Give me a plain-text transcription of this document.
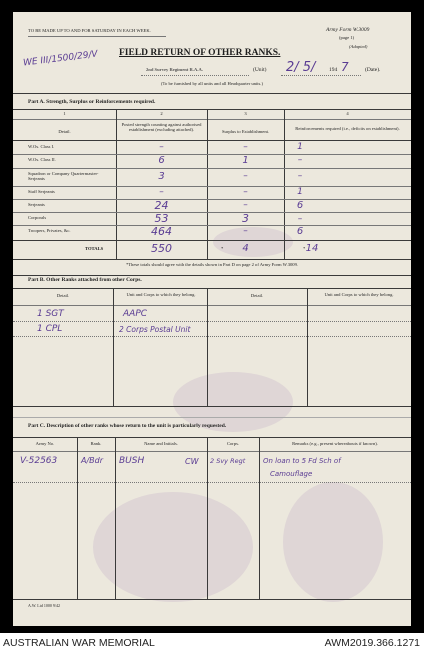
TO BE MADE UP TO AND FOR SATURDAY IN EACH WEEK.	Army Form W.3009
(page 1)
(Adapted)
FIELD RETURN OF OTHER RANKS.
WE III/1500/29/V
2nd Survey Regiment R.A.A.	(Unit) 2/ 5/ 194 7	(Date).
(To be furnished by all units and all Headquarter units.)
Part A. Strength, Surplus or Reinforcements required.
1	2	3	4
Detail.
Posted strength counting against authorised establishment (excluding attached).	Surplus to Establishment.
Reinforcements required (i.e., deficits on establishment).
W.Os. Class I.	–	–	1
W.Os. Class II.	6	1	–
Squadron or Company Quartermaster-Serjeants	3	–	–
Staff Serjeants	–	–	1
Serjeants	24	–	6
Corporals	53	3	–
Troopers, Privates, &c.	464	–	6
TOTALS	550	*	4	* 14
*These totals should agree with the details shown in Part D on page 2 of Army Form W.3009.
Part B. Other Ranks attached from other Corps.
Detail.	Unit and Corps to which they belong.	Detail.	Unit and Corps to which they belong.
1 SGT	AAPC
1 CPL	2 Corps Postal Unit
Part C. Description of other ranks whose return to the unit is particularly requested.
Army No.	Rank.	Name and Initials.	Corps.	Remarks (e.g., present whereabouts if known).
V-52563	A/Bdr BUSH	CW 2 Svy Regt	On loan to 5 Fd Sch of
Camouflage
A.W. Ltd 1000 9/42
AUSTRALIAN WAR MEMORIAL	AWM2019.366.1271
